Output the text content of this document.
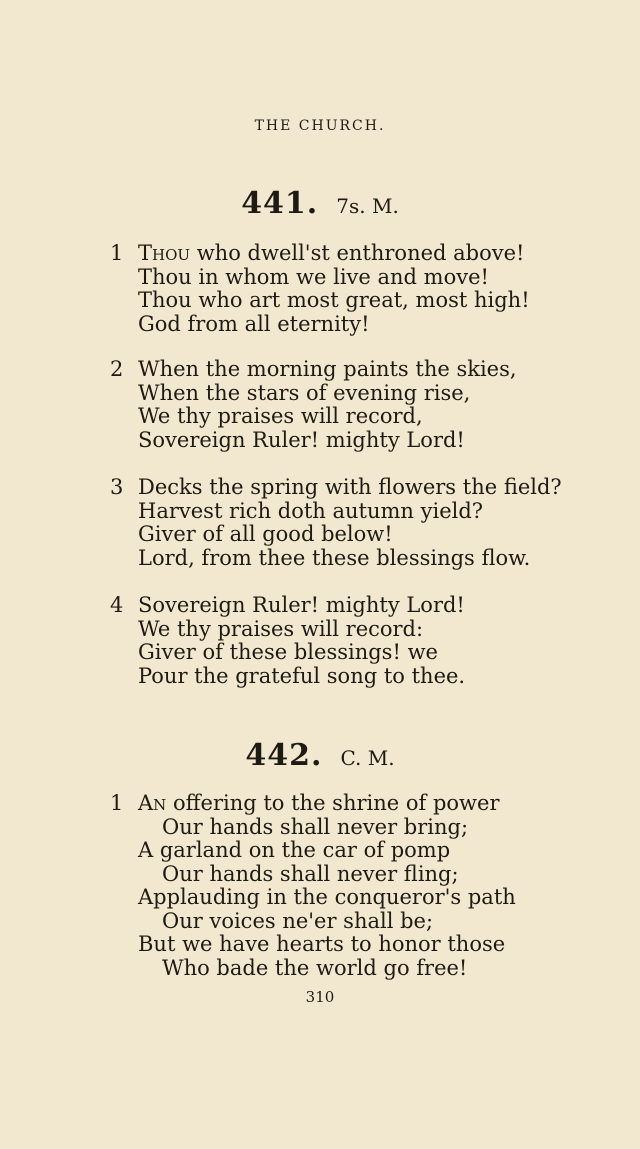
THE CHURCH.
441. 7s. M.
1 Thou who dwell'st enthroned above!
Thou in whom we live and move!
Thou who art most great, most high!
God from all eternity!
2 When the morning paints the skies,
When the stars of evening rise,
We thy praises will record,
Sovereign Ruler! mighty Lord!
3 Decks the spring with flowers the field?
Harvest rich doth autumn yield?
Giver of all good below!
Lord, from thee these blessings flow.
4 Sovereign Ruler! mighty Lord!
We thy praises will record:
Giver of these blessings! we
Pour the grateful song to thee.
442. C. M.
1 An offering to the shrine of power
Our hands shall never bring;
A garland on the car of pomp
Our hands shall never fling;
Applauding in the conqueror's path
Our voices ne'er shall be;
But we have hearts to honor those
Who bade the world go free!
310
